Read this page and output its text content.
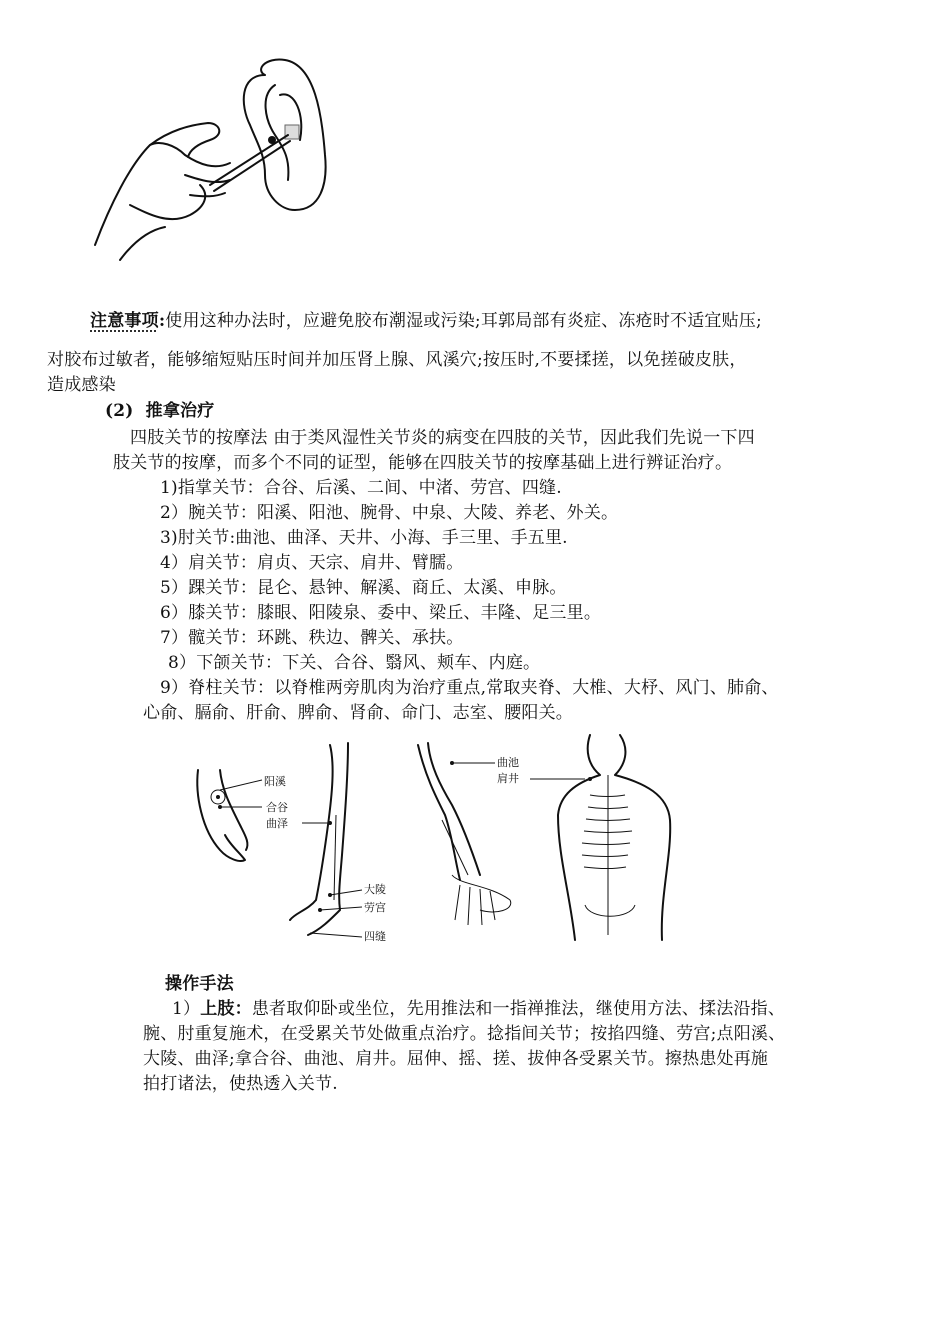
注意事项:使用这种办法时，应避免胶布潮湿或污染;耳郭局部有炎症、冻疮时不适宜贴压;
对胶布过敏者，能够缩短贴压时间并加压肾上腺、风溪穴;按压时,不要揉搓，以免搓破皮肤，
造成感染
(2) 推拿治疗
四肢关节的按摩法 由于类风湿性关节炎的病变在四肢的关节，因此我们先说一下四
肢关节的按摩，而多个不同的证型，能够在四肢关节的按摩基础上进行辨证治疗。
1)指掌关节：合谷、后溪、二间、中渚、劳宫、四缝.
2）腕关节：阳溪、阳池、腕骨、中泉、大陵、养老、外关。
3)肘关节:曲池、曲泽、天井、小海、手三里、手五里.
4）肩关节：肩贞、天宗、肩井、臂臑。
5）踝关节：昆仑、悬钟、解溪、商丘、太溪、申脉。
6）膝关节：膝眼、阳陵泉、委中、梁丘、丰隆、足三里。
7）髋关节：环跳、秩边、髀关、承扶。
8）下颌关节：下关、合谷、翳风、颊车、内庭。
9）脊柱关节：以脊椎两旁肌肉为治疗重点,常取夹脊、大椎、大杼、风门、肺俞、
心俞、膈俞、肝俞、脾俞、肾俞、命门、志室、腰阳关。
阳溪
合谷
曲泽
大陵
劳宫
四缝
曲池
肩井
操作手法
1）上肢：患者取仰卧或坐位，先用推法和一指禅推法，继使用方法、揉法沿指、
腕、肘重复施术，在受累关节处做重点治疗。捻指间关节；按掐四缝、劳宫;点阳溪、
大陵、曲泽;拿合谷、曲池、肩井。屈伸、摇、搓、拔伸各受累关节。擦热患处再施
拍打诸法，使热透入关节.
